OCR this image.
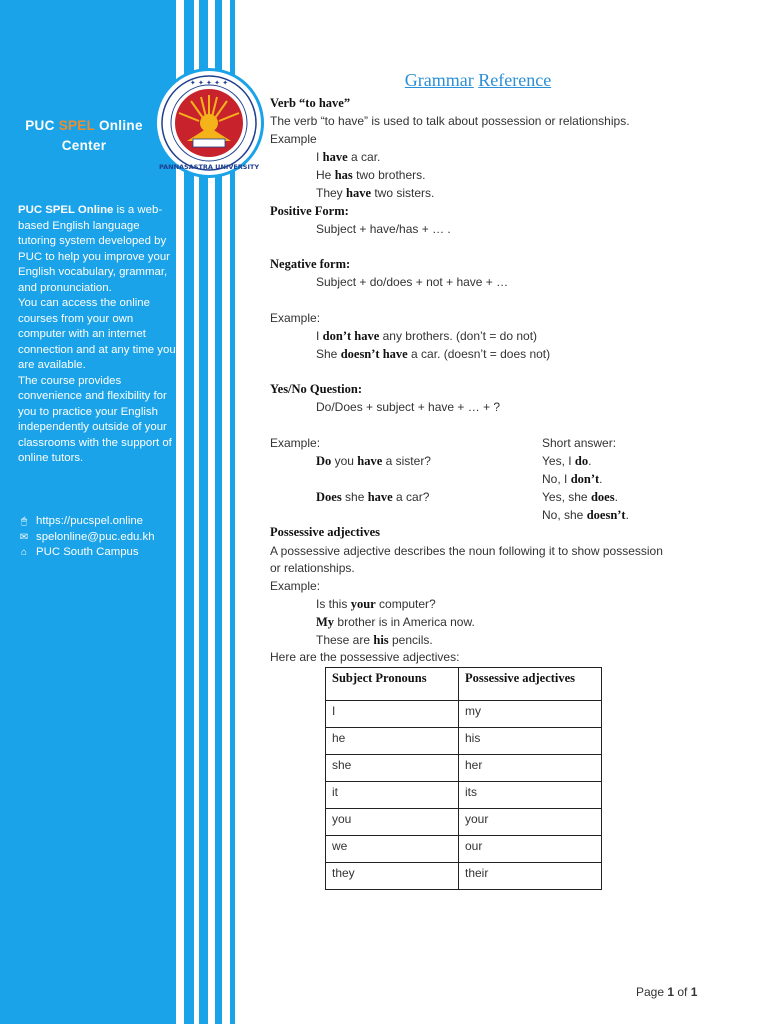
✦ ✦ ✦ ✦ ✦
PANNASASTRA UNIVERSITY
PUC SPEL Online
Center

PUC SPEL Online is a web-based English language tutoring system developed by PUC to help you improve your English vocabulary, grammar, and pronunciation.

You can access the online courses from your own computer with an internet connection and at any time you are available.

The course provides convenience and flexibility for you to practice your English independently outside of your classrooms with the support of online tutors.

🖱 https://pucspel.online
✉ spelonline@puc.edu.kh
⌂ PUC South Campus
Grammar Reference
Verb “to have”
The verb “to have” is used to talk about possession or relationships.
Example
I have a car.
He has two brothers.
They have two sisters.
Positive Form:
Subject + have/has + … .
Negative form:
Subject + do/does + not + have + …
Example:
I don’t have any brothers. (don’t = do not)
She doesn’t have a car. (doesn’t = does not)
Yes/No Question:
Do/Does + subject + have + … + ?
Example:	Short answer:
Do you have a sister?	Yes, I do.
No, I don’t.
Does she have a car?	Yes, she does.
No, she doesn’t.
Possessive adjectives
A possessive adjective describes the noun following it to show possession
or relationships.
Example:
Is this your computer?
My brother is in America now.
These are his pencils.
Here are the possessive adjectives:
Subject Pronouns	Possessive adjectives
I	my
he	his
she	her
it	its
you	your
we	our
they	their
Page 1 of 1
